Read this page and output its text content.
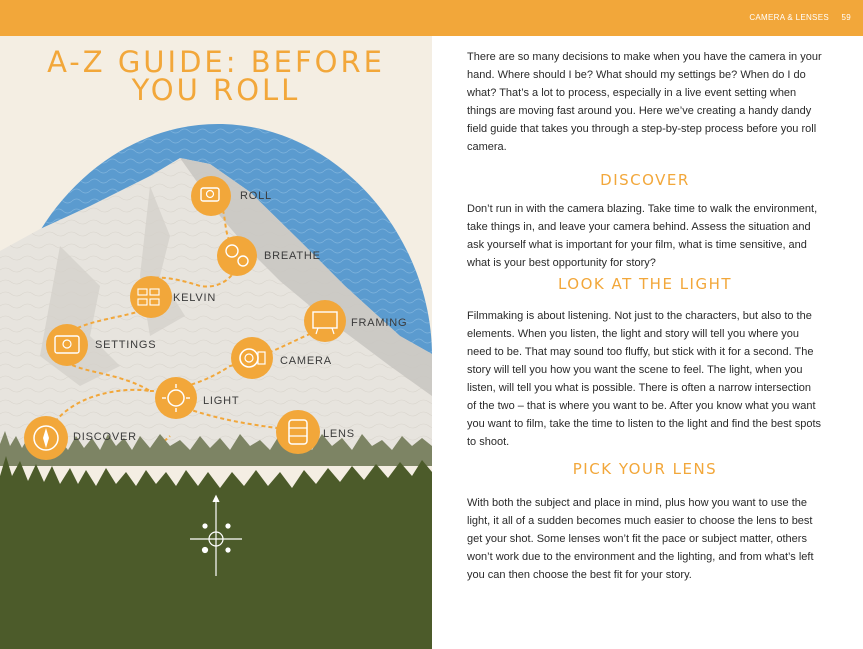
CAMERA & LENSES 59
ROLL
BREATHE
KELVIN
FRAMING
SETTINGS
CAMERA
LIGHT
DISCOVER	LENS
A-Z GUIDE: BEFORE YOU ROLL

There are so many decisions to make when you have the camera in your hand. Where should I be? What should my settings be? When do I do what? That’s a lot to process, especially in a live event setting when things are moving fast around you. Here we’ve creating a handy dandy field guide that takes you through a step-by-step process before you roll camera.

DISCOVER

Don’t run in with the camera blazing. Take time to walk the environment, take things in, and leave your camera behind. Assess the situation and ask yourself what is important for your film, what is time sensitive, and what is your best opportunity for story?

LOOK AT THE LIGHT

Filmmaking is about listening. Not just to the characters, but also to the elements. When you listen, the light and story will tell you where you need to be. That may sound too fluffy, but stick with it for a second. The story will tell you how you want the scene to feel. The light, when you listen, will tell you what is possible. There is often a narrow intersection of the two – that is where you want to be. After you know what you want you want to film, take the time to listen to the light and find the best spots to shoot.

PICK YOUR LENS

With both the subject and place in mind, plus how you want to use the light, it all of a sudden becomes much easier to choose the lens to best get your shot. Some lenses won’t fit the pace or subject matter, others won’t work due to the environment and the lighting, and from what’s left you can then choose the best fit for your story.
